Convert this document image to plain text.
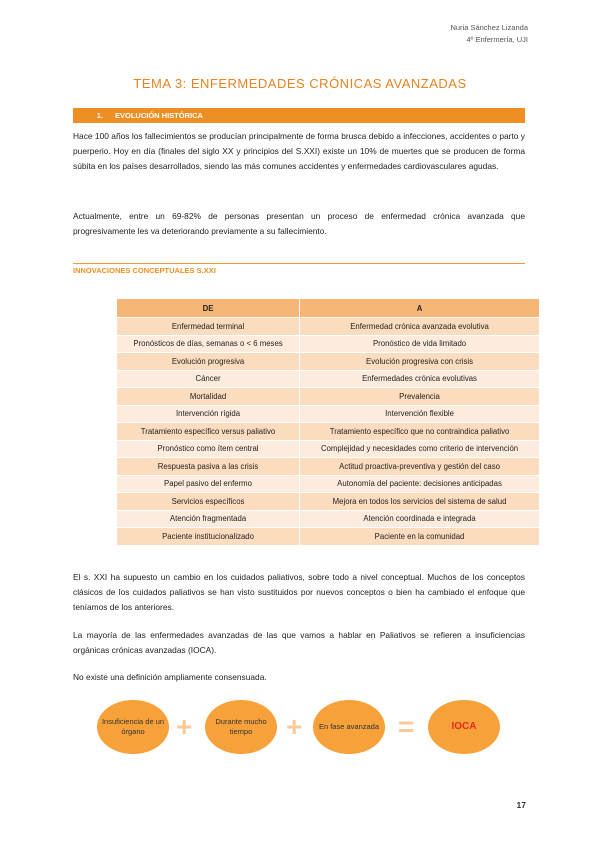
Nuria Sánchez Lizanda
4º Enfermería, UJI
TEMA 3: ENFERMEDADES CRÓNICAS AVANZADAS
1. EVOLUCIÓN HISTÓRICA
Hace 100 años los fallecimientos se producían principalmente de forma brusca debido a infecciones, accidentes o parto y puerperio. Hoy en día (finales del siglo XX y principios del S.XXI) existe un 10% de muertes que se producen de forma súbita en los países desarrollados, siendo las más comunes accidentes y enfermedades cardiovasculares agudas.
Actualmente, entre un 69-82% de personas presentan un proceso de enfermedad crónica avanzada que progresivamente les va deteriorando previamente a su fallecimiento.
INNOVACIONES CONCEPTUALES S.XXI
DE	A
Enfermedad terminal	Enfermedad crónica avanzada evolutiva
Pronósticos de días, semanas o < 6 meses	Pronóstico de vida limitado
Evolución progresiva	Evolución progresiva con crisis
Cáncer	Enfermedades crónica evolutivas
Mortalidad	Prevalencia
Intervención rígida	Intervención flexible
Tratamiento específico versus paliativo	Tratamiento específico que no contraindica paliativo
Pronóstico como ítem central	Complejidad y necesidades como criterio de intervención
Respuesta pasiva a las crisis	Actitud proactiva-preventiva y gestión del caso
Papel pasivo del enfermo	Autonomía del paciente: decisiones anticipadas
Servicios específicos	Mejora en todos los servicios del sistema de salud
Atención fragmentada	Atención coordinada e integrada
Paciente institucionalizado	Paciente en la comunidad
El s. XXI ha supuesto un cambio en los cuidados paliativos, sobre todo a nivel conceptual. Muchos de los conceptos clásicos de los cuidados paliativos se han visto sustituidos por nuevos conceptos o bien ha cambiado el enfoque que teníamos de los anteriores.
La mayoría de las enfermedades avanzadas de las que vamos a hablar en Paliativos se refieren a insuficiencias orgánicas crónicas avanzadas (IOCA).
No existe una definición ampliamente consensuada.
Insuficiencia de un órgano	+	Durante mucho tiempo	+ En fase avanzada =	IOCA
17
